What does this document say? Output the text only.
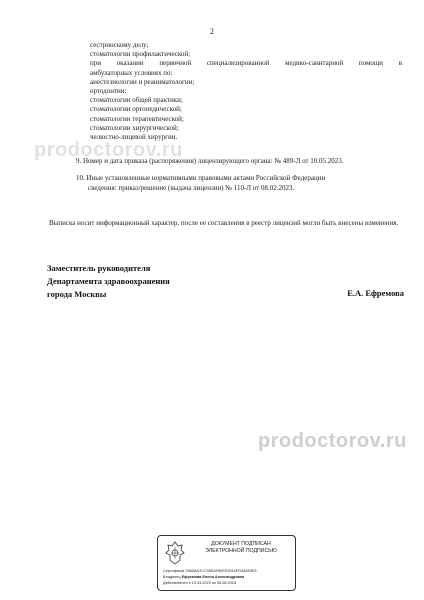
2
сестринскому делу;
стоматологии профилактической;
при оказании первичной специализированной медико-санитарной помощи в
амбулаторных условиях по:
анестезиологии и реаниматологии;
ортодонтии;
стоматологии общей практики;
стоматологии ортопедической;
стоматологии терапевтической;
стоматологии хирургической;
челюстно-лицевой хирургии.
prodoctorov.ru
9. Номер и дата приказа (распоряжения) лицензирующего органа: № 489-Л от 10.05.2023.
10. Иные установленные нормативными правовыми актами Российской Федерации
сведения: приказ/решение (выдача лицензии) № 110-Л от 08.02.2023.
Выписка носит информационный характер, после ее составления в реестр лицензий могли быть внесены изменения.
Заместитель руководителя
Департамента здравоохранения
города Москвы	Е.А. Ефремова
prodoctorov.ru
ДОКУМЕНТ ПОДПИСАН
ЭЛЕКТРОННОЙ ПОДПИСЬЮ
Сертификат 0360AA7CC49EAF85FE3914FD34A93E3
Владелец Ефремова Елена Александровна
Действителен с 13.03.2023 по 05.06.2024
